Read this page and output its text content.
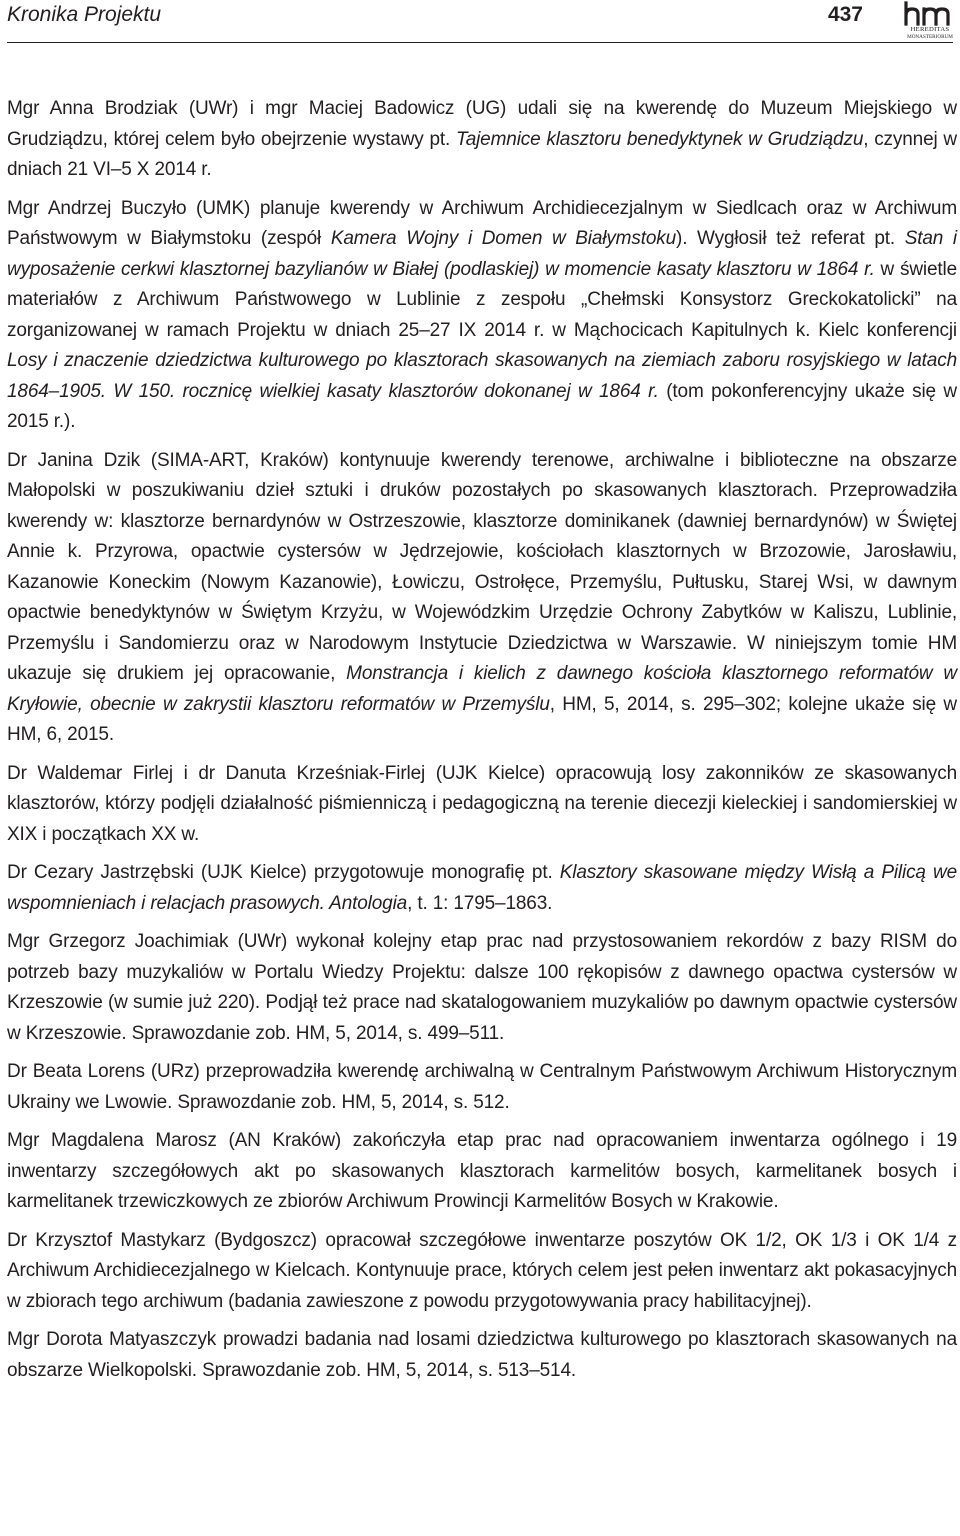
Kronika Projektu	437
HEREDITAS
MONASTERIORUM

Mgr Anna Brodziak (UWr) i mgr Maciej Badowicz (UG) udali się na kwerendę do Muzeum Miejskiego w Grudziądzu, której celem było obejrzenie wystawy pt. Tajemnice klasztoru benedyktynek w Grudziądzu, czynnej w dniach 21 VI–5 X 2014 r.

Mgr Andrzej Buczyło (UMK) planuje kwerendy w Archiwum Archidiecezjalnym w Siedlcach oraz w Archiwum Państwowym w Białymstoku (zespół Kamera Wojny i Domen w Białymstoku). Wygłosił też referat pt. Stan i wyposażenie cerkwi klasztornej bazylianów w Białej (podlaskiej) w momencie kasaty klasztoru w 1864 r. w świetle materiałów z Archiwum Państwowego w Lublinie z zespołu „Chełmski Konsystorz Greckokatolicki” na zorganizowanej w ramach Projektu w dniach 25–27 IX 2014 r. w Mąchocicach Kapitulnych k. Kielc konferencji Losy i znaczenie dziedzictwa kulturowego po klasztorach skasowanych na ziemiach zaboru rosyjskiego w latach 1864–1905. W 150. rocznicę wielkiej kasaty klasztorów dokonanej w 1864 r. (tom pokonferencyjny ukaże się w 2015 r.).

Dr Janina Dzik (SIMA-ART, Kraków) kontynuuje kwerendy terenowe, archiwalne i biblioteczne na obszarze Małopolski w poszukiwaniu dzieł sztuki i druków pozostałych po skasowanych klasztorach. Przeprowadziła kwerendy w: klasztorze bernardynów w Ostrzeszowie, klasztorze dominikanek (dawniej bernardynów) w Świętej Annie k. Przyrowa, opactwie cystersów w Jędrzejowie, kościołach klasztornych w Brzozowie, Jarosławiu, Kazanowie Koneckim (Nowym Kazanowie), Łowiczu, Ostrołęce, Przemyślu, Pułtusku, Starej Wsi, w dawnym opactwie benedyktynów w Świętym Krzyżu, w Wojewódzkim Urzędzie Ochrony Zabytków w Kaliszu, Lublinie, Przemyślu i Sandomierzu oraz w Narodowym Instytucie Dziedzictwa w Warszawie. W niniejszym tomie HM ukazuje się drukiem jej opracowanie, Monstrancja i kielich z dawnego kościoła klasztornego reformatów w Kryłowie, obecnie w zakrystii klasztoru reformatów w Przemyślu, HM, 5, 2014, s. 295–302; kolejne ukaże się w HM, 6, 2015.

Dr Waldemar Firlej i dr Danuta Krześniak-Firlej (UJK Kielce) opracowują losy zakonników ze skasowanych klasztorów, którzy podjęli działalność piśmienniczą i pedagogiczną na terenie diecezji kieleckiej i sandomierskiej w XIX i początkach XX w.

Dr Cezary Jastrzębski (UJK Kielce) przygotowuje monografię pt. Klasztory skasowane między Wisłą a Pilicą we wspomnieniach i relacjach prasowych. Antologia, t. 1: 1795–1863.

Mgr Grzegorz Joachimiak (UWr) wykonał kolejny etap prac nad przystosowaniem rekordów z bazy RISM do potrzeb bazy muzykaliów w Portalu Wiedzy Projektu: dalsze 100 rękopisów z dawnego opactwa cystersów w Krzeszowie (w sumie już 220). Podjął też prace nad skatalogowaniem muzykaliów po dawnym opactwie cystersów w Krzeszowie. Sprawozdanie zob. HM, 5, 2014, s. 499–511.

Dr Beata Lorens (URz) przeprowadziła kwerendę archiwalną w Centralnym Państwowym Archiwum Historycznym Ukrainy we Lwowie. Sprawozdanie zob. HM, 5, 2014, s. 512.

Mgr Magdalena Marosz (AN Kraków) zakończyła etap prac nad opracowaniem inwentarza ogólnego i 19 inwentarzy szczegółowych akt po skasowanych klasztorach karmelitów bosych, karmelitanek bosych i karmelitanek trzewiczkowych ze zbiorów Archiwum Prowincji Karmelitów Bosych w Krakowie.

Dr Krzysztof Mastykarz (Bydgoszcz) opracował szczegółowe inwentarze poszytów OK 1/2, OK 1/3 i OK 1/4 z Archiwum Archidiecezjalnego w Kielcach. Kontynuuje prace, których celem jest pełen inwentarz akt pokasacyjnych w zbiorach tego archiwum (badania zawieszone z powodu przygotowywania pracy habilitacyjnej).

Mgr Dorota Matyaszczyk prowadzi badania nad losami dziedzictwa kulturowego po klasztorach skasowanych na obszarze Wielkopolski. Sprawozdanie zob. HM, 5, 2014, s. 513–514.
